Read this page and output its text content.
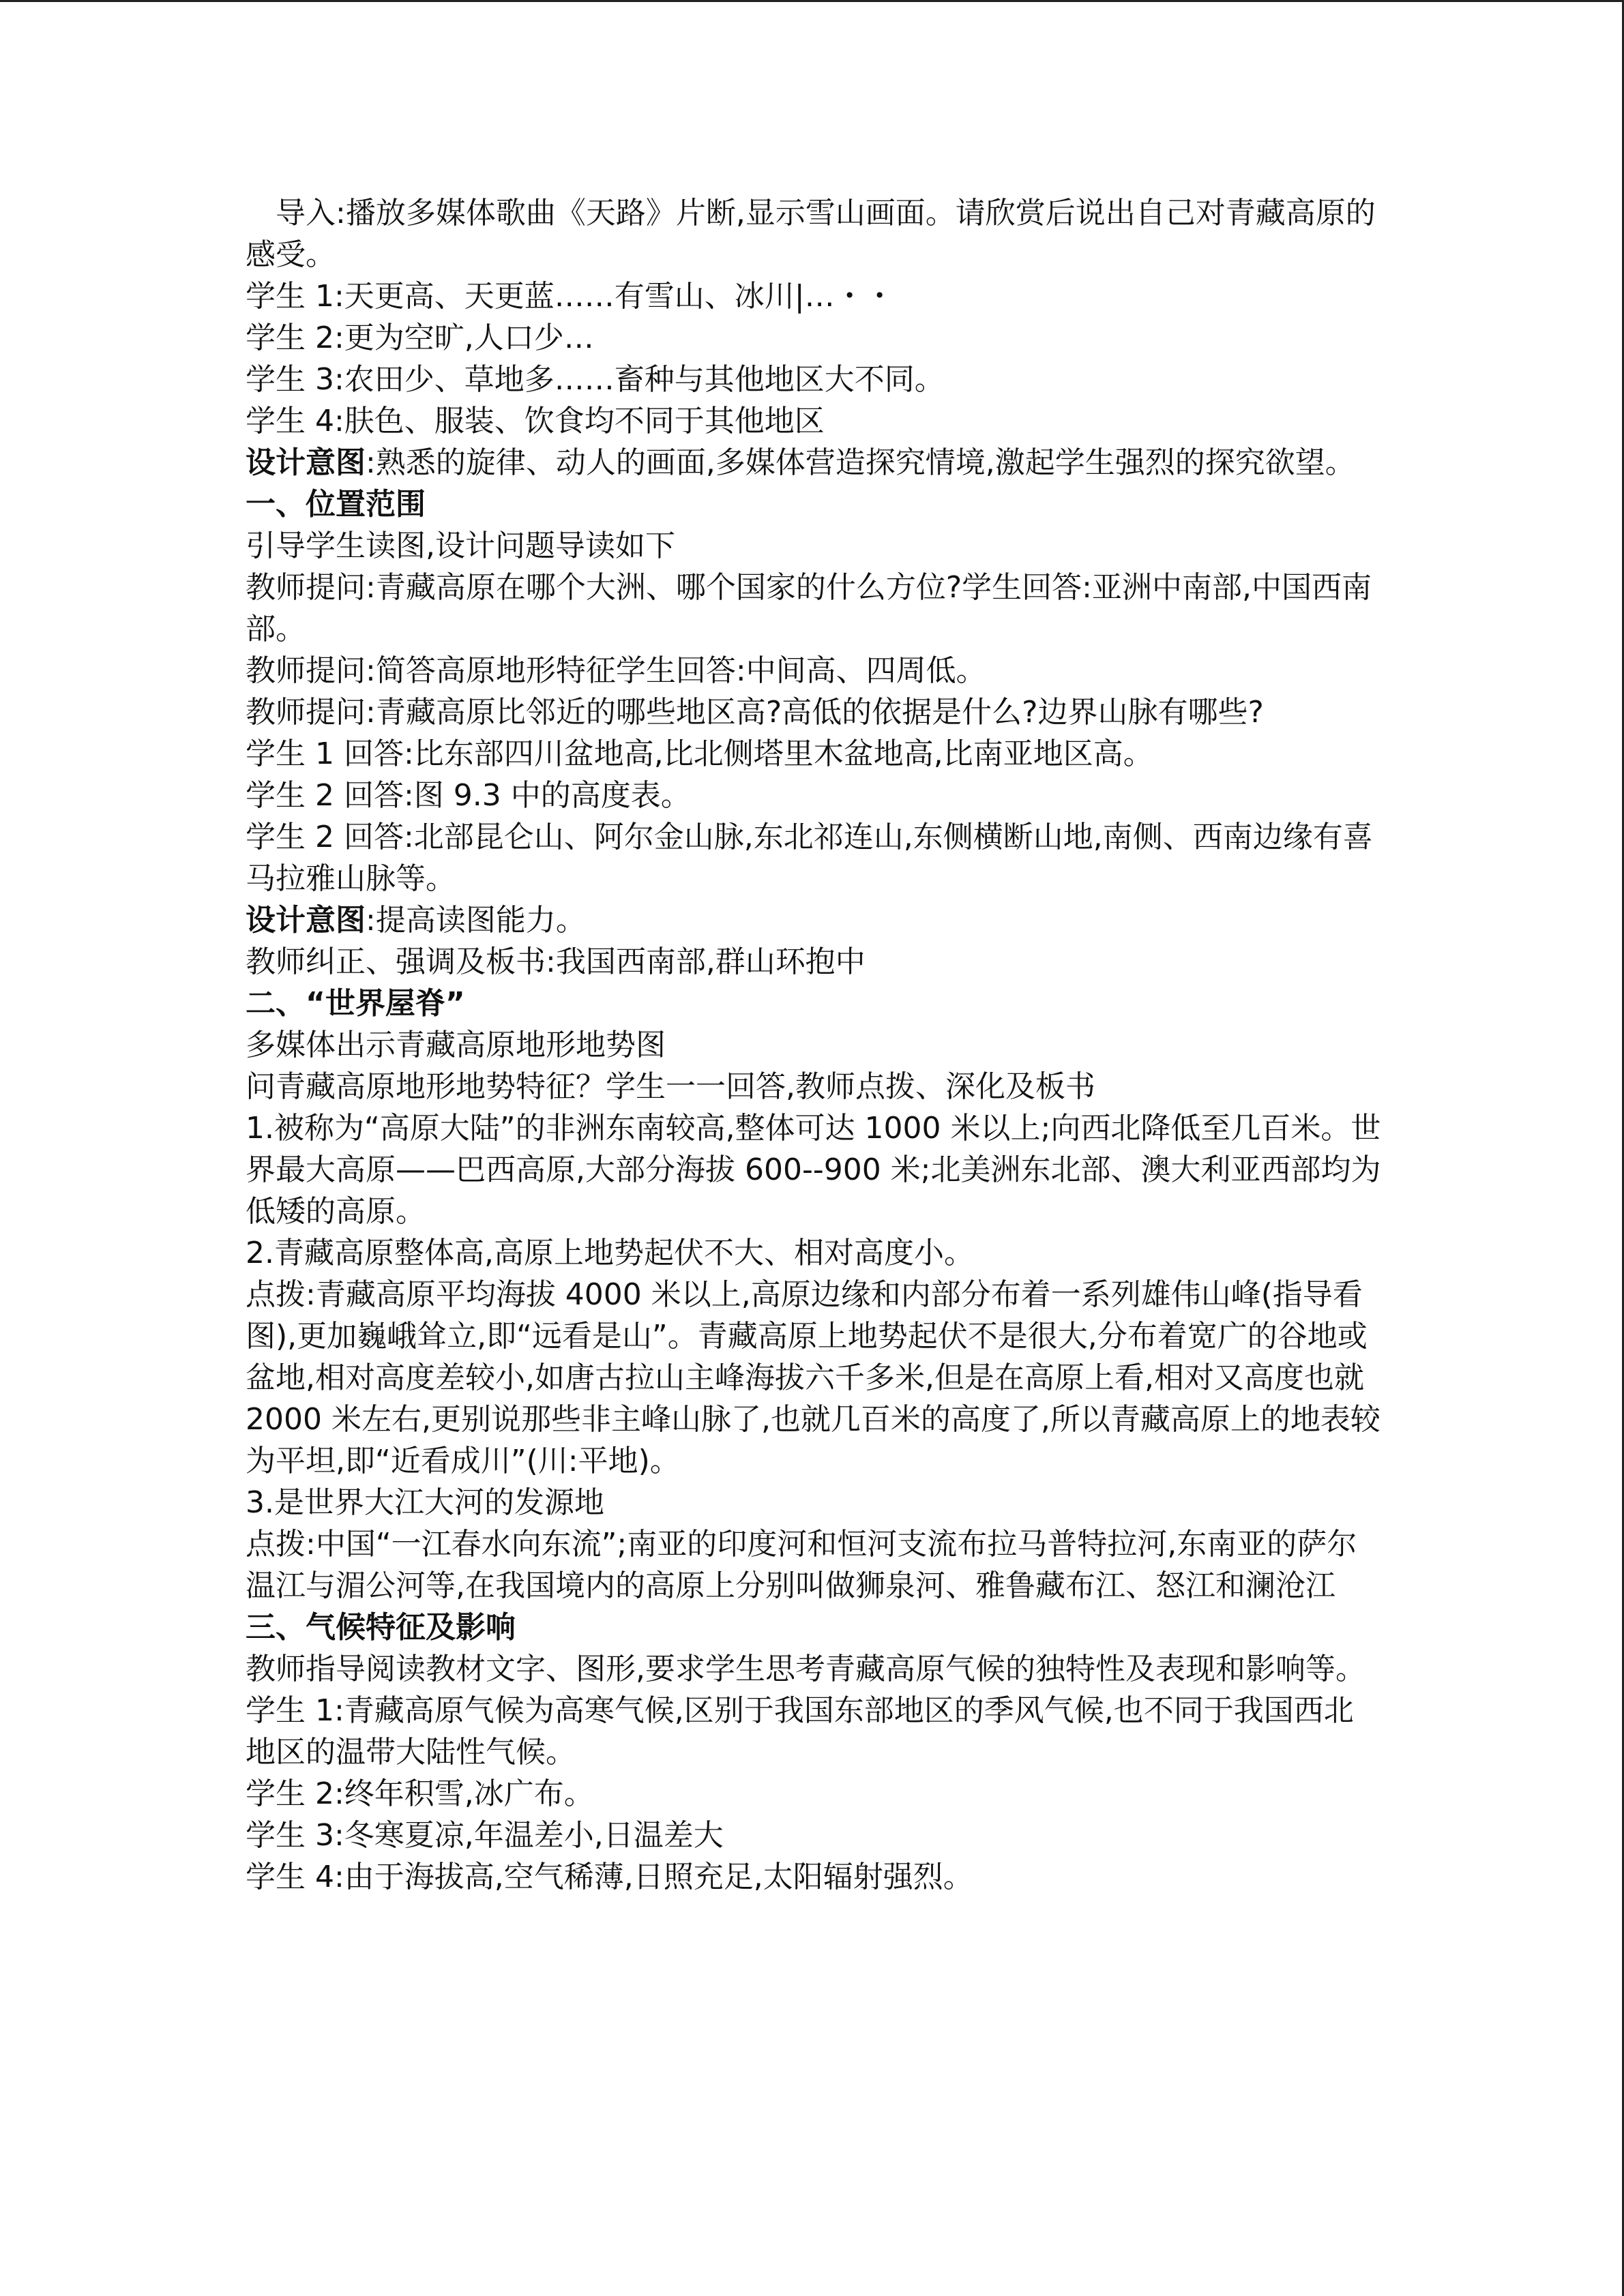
导入:播放多媒体歌曲《天路》片断,显示雪山画面。请欣赏后说出自己对青藏高原的感受。

学生 1:天更高、天更蓝……有雪山、冰川|…・・

学生 2:更为空旷,人口少…

学生 3:农田少、草地多……畜种与其他地区大不同。

学生 4:肤色、服装、饮食均不同于其他地区

设计意图:熟悉的旋律、动人的画面,多媒体营造探究情境,激起学生强烈的探究欲望。

一、位置范围

引导学生读图,设计问题导读如下

教师提问:青藏高原在哪个大洲、哪个国家的什么方位?学生回答:亚洲中南部,中国西南部。

教师提问:简答高原地形特征学生回答:中间高、四周低。

教师提问:青藏高原比邻近的哪些地区高?高低的依据是什么?边界山脉有哪些?

学生 1 回答:比东部四川盆地高,比北侧塔里木盆地高,比南亚地区高。

学生 2 回答:图 9.3 中的高度表。

学生 2 回答:北部昆仑山、阿尔金山脉,东北祁连山,东侧横断山地,南侧、西南边缘有喜马拉雅山脉等。

设计意图:提高读图能力。

教师纠正、强调及板书:我国西南部,群山环抱中

二、“世界屋脊”

多媒体出示青藏高原地形地势图

问青藏高原地形地势特征？学生一一回答,教师点拨、深化及板书

1.被称为“高原大陆”的非洲东南较高,整体可达 1000 米以上;向西北降低至几百米。世界最大高原——巴西高原,大部分海拔 600--900 米;北美洲东北部、澳大利亚西部均为低矮的高原。

2.青藏高原整体高,高原上地势起伏不大、相对高度小。

点拨:青藏高原平均海拔 4000 米以上,高原边缘和内部分布着一系列雄伟山峰(指导看图),更加巍峨耸立,即“远看是山”。青藏高原上地势起伏不是很大,分布着宽广的谷地或盆地,相对高度差较小,如唐古拉山主峰海拔六千多米,但是在高原上看,相对又高度也就 2000 米左右,更别说那些非主峰山脉了,也就几百米的高度了,所以青藏高原上的地表较为平坦,即“近看成川”(川:平地)。

3.是世界大江大河的发源地

点拨:中国“一江春水向东流”;南亚的印度河和恒河支流布拉马普特拉河,东南亚的萨尔温江与湄公河等,在我国境内的高原上分别叫做狮泉河、雅鲁藏布江、怒江和澜沧江

三、气候特征及影响

教师指导阅读教材文字、图形,要求学生思考青藏高原气候的独特性及表现和影响等。

学生 1:青藏高原气候为高寒气候,区别于我国东部地区的季风气候,也不同于我国西北地区的温带大陆性气候。

学生 2:终年积雪,冰广布。

学生 3:冬寒夏凉,年温差小,日温差大

学生 4:由于海拔高,空气稀薄,日照充足,太阳辐射强烈。
